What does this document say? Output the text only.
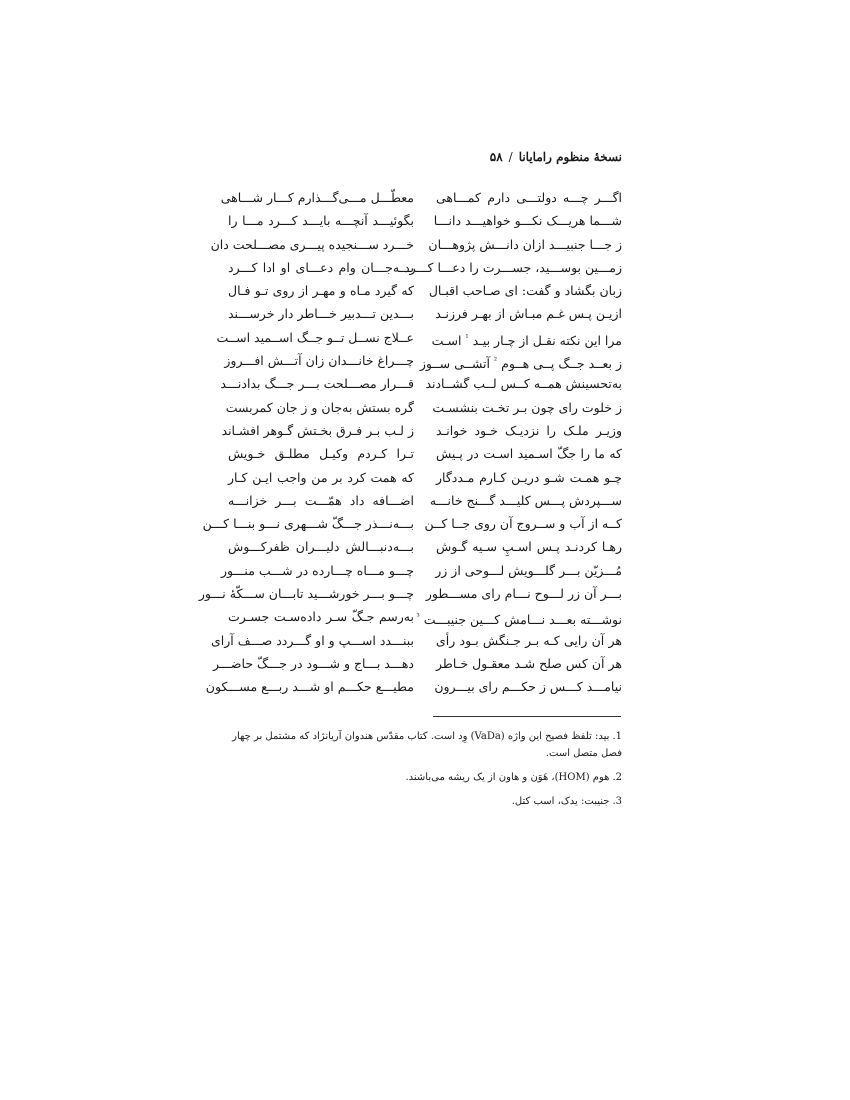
نسخهٔ منظوم رامایانا/۵۸
اگـــر چـــه دولتـــی دارم کمـــاهی
معطّـــل مـــی‌گـــذارم کـــار شـــاهی
شـــما هریـــک نکـــو خواهیـــد دانـــا
بگوئیـــد آنچـــه بایـــد کـــرد مـــا را
ز جـــا جنبیـــد ازان دانـــش پژوهـــان
خـــرد ســـنجیده پیـــری مصـــلحت دان
زمـــین بوســـید، جســـرت را دعـــا کـــرد
بـــه‌جـــان وام دعـــای او ادا کـــرد
زبان بگشاد و گفت: ای صـاحب اقبـال
که گیرد مـاه و مهـر از روی تـو فـال
ازیـن پـس غـم مبـاش از بهـر فرزنـد
بـــدین تـــدبیر خـــاطر دار خرســـند
مرا این نکته نقـل از چـار بیـد $^{^1}$ اسـت
عــلاج نســل تــو جــگ اســمید اســت
ز بعــد جــگ پــی هــوم $^{^2}$ آتشــی ســوز
چـــراغ خانـــدان زان آتـــش افـــروز
به‌تحسینش همــه کــس لــب گشــادند
قـــرار مصـــلحت بـــر جـــگ بدادنـــد
ز خلوت رای چون بـر تخـت بنشسـت
گره بستش به‌جان و ز جان کمربست
وزیـر ملـک را نزدیـک خـود خوانـد
ز لـب بـر فـرق بخـتش گـوهر افشـاند
که ما را جگّ اسـمید اسـت در پـیش
تـرا کـردم وکیـل مطلـق خـویش
چـو همـت شـو دریـن کـارم مـددگار
که همت کرد بر من واجب ایـن کـار
ســـپردش پـــس کلیـــد گـــنج خانـــه
اضـــافه داد همّـــت بـــر خزانـــه
کــه از آب و ســروج آن روی جــا کــن
بـــه‌نـــذر جـــگّ شـــهری نـــو بنـــا کـــن
رهـا کردنـد پـس اسـپِ سـیه گـوش
بـــه‌دنبـــالش دلیـــران ظفرکـــوش
مُـــزیّن بـــر گلـــویش لـــوحی از زر
چـــو مـــاه چـــارده در شـــب منـــور
بـــر آن زر لـــوح نـــام رای مســـطور
چـــو بـــر خورشـــید تابـــان ســـکّهٔ نـــور
نوشـــته بعـــد نـــامش کـــین جنیبـــت $^{^3}$
به‌رسم جـگّ سـر داده‌سـت جسـرت
هر آن رایی کـه بـر جـنگش بـود رأی
ببنـــدد اســـپ و او گـــردد صـــف آرای
هر آن کس صلح شـد معقـول خـاطر
دهـــد بـــاج و شـــود در جـــگّ حاضـــر
نیامـــد کـــس ز حکـــم رای بیـــرون
مطیـــع حکـــم او شـــد ربـــع مســـکون
1.بید: تلفظ فصیح این واژه (VaDa) وِد است. کتاب مقدّس هندوان آریانژاد که مشتمل بر چهار فصل متصل است.
2.هوم (HOM)، هَوَن و هاون از یک ریشه می‌باشند.
3.جنیبت: یدک، اسب کتل.
